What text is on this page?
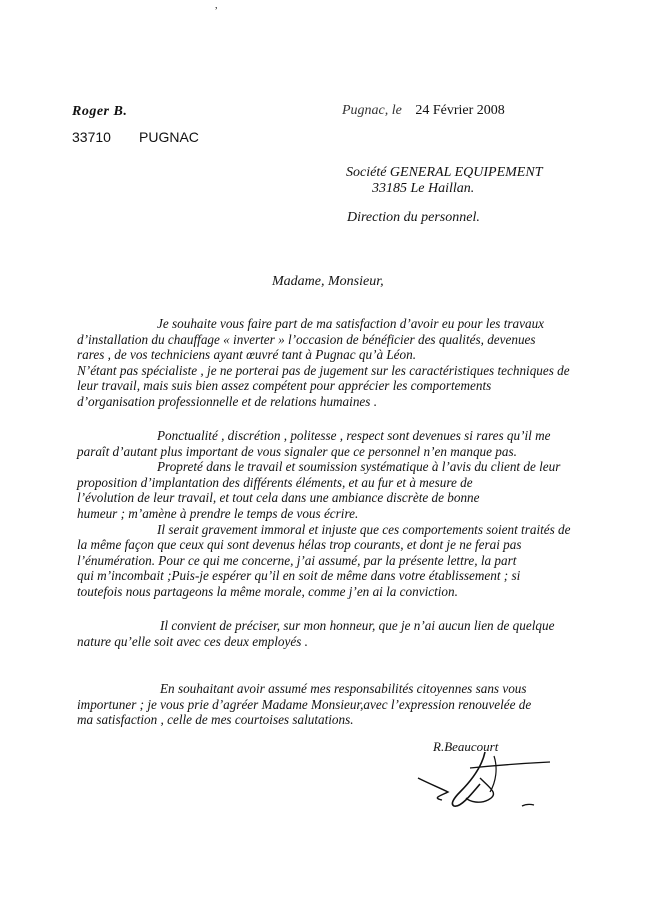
,
Roger B.
33710 PUGNAC
Pugnac, le 24 Février 2008
Société GENERAL EQUIPEMENT
33185 Le Haillan.
Direction du personnel.
Madame, Monsieur,
Je souhaite vous faire part de ma satisfaction d’avoir eu pour les travaux
d’installation du chauffage « inverter » l’occasion de bénéficier des qualités, devenues
rares , de vos techniciens ayant œuvré tant à Pugnac qu’à Léon.
N’étant pas spécialiste , je ne porterai pas de jugement sur les caractéristiques techniques de
leur travail, mais suis bien assez compétent pour apprécier les comportements
d’organisation professionnelle et de relations humaines .
Ponctualité , discrétion , politesse , respect sont devenues si rares qu’il me
paraît d’autant plus important de vous signaler que ce personnel n’en manque pas.
Propreté dans le travail et soumission systématique à l’avis du client de leur
proposition d’implantation des différents éléments, et au fur et à mesure de
l’évolution de leur travail, et tout cela dans une ambiance discrète de bonne
humeur ; m’amène à prendre le temps de vous écrire.
Il serait gravement immoral et injuste que ces comportements soient traités de
la même façon que ceux qui sont devenus hélas trop courants, et dont je ne ferai pas
l’énumération. Pour ce qui me concerne, j’ai assumé, par la présente lettre, la part
qui m’incombait ;Puis-je espérer qu’il en soit de même dans votre établissement ; si
toutefois nous partageons la même morale, comme j’en ai la conviction.
Il convient de préciser, sur mon honneur, que je n’ai aucun lien de quelque
nature qu’elle soit avec ces deux employés .
En souhaitant avoir assumé mes responsabilités citoyennes sans vous
importuner ; je vous prie d’agréer Madame Monsieur,avec l’expression renouvelée de
ma satisfaction , celle de mes courtoises salutations.
R.Beaucourt
